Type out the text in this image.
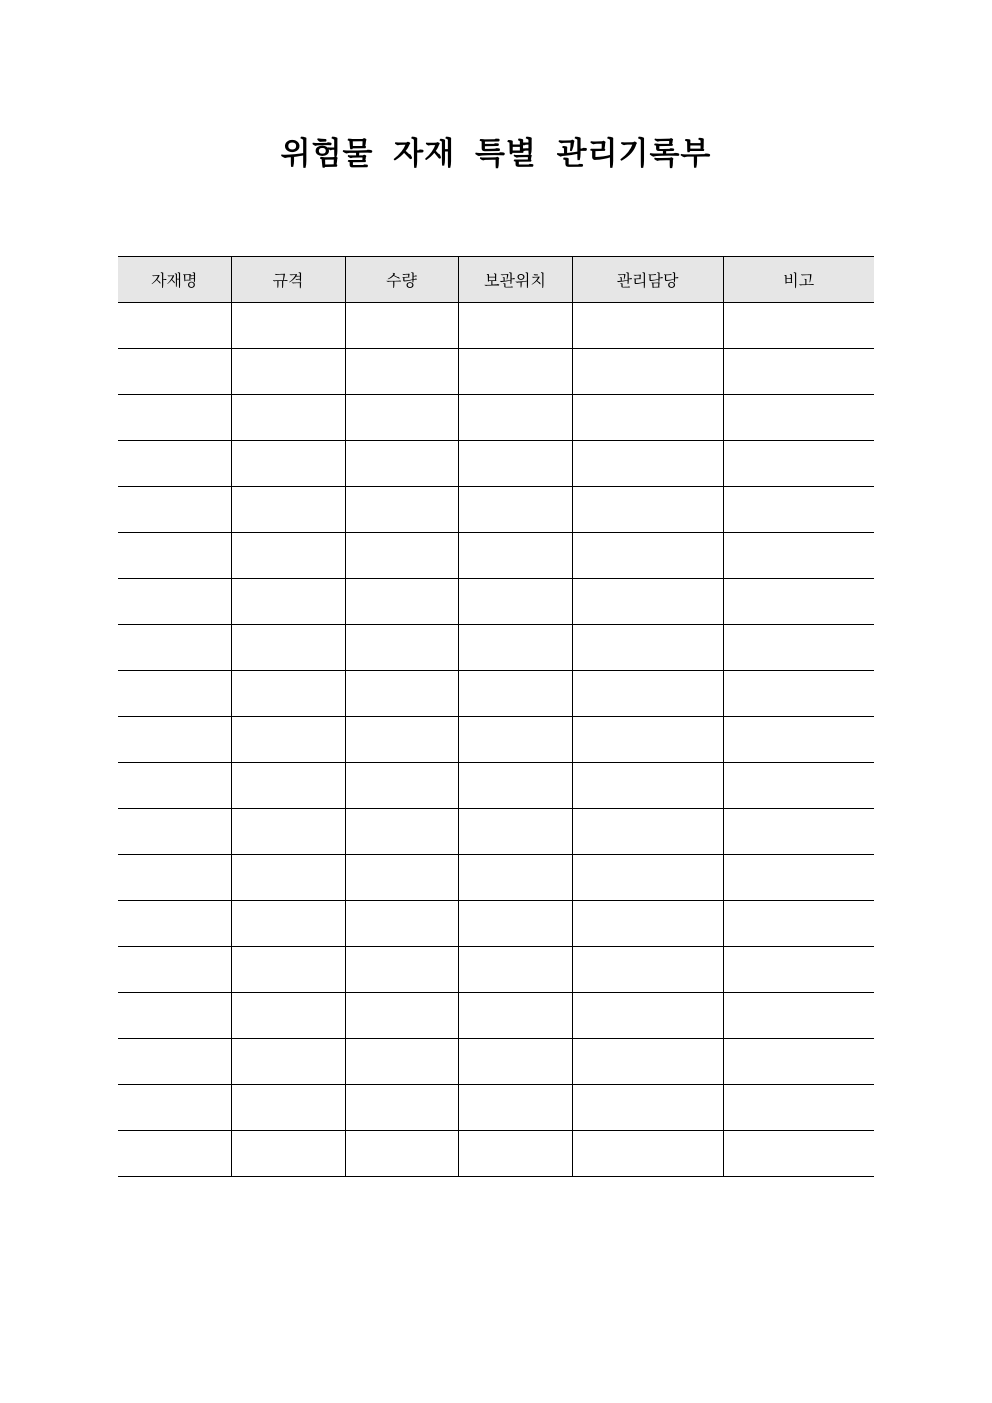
위험물 자재 특별 관리기록부
자재명	규격	수량	보관위치	관리담당	비고
